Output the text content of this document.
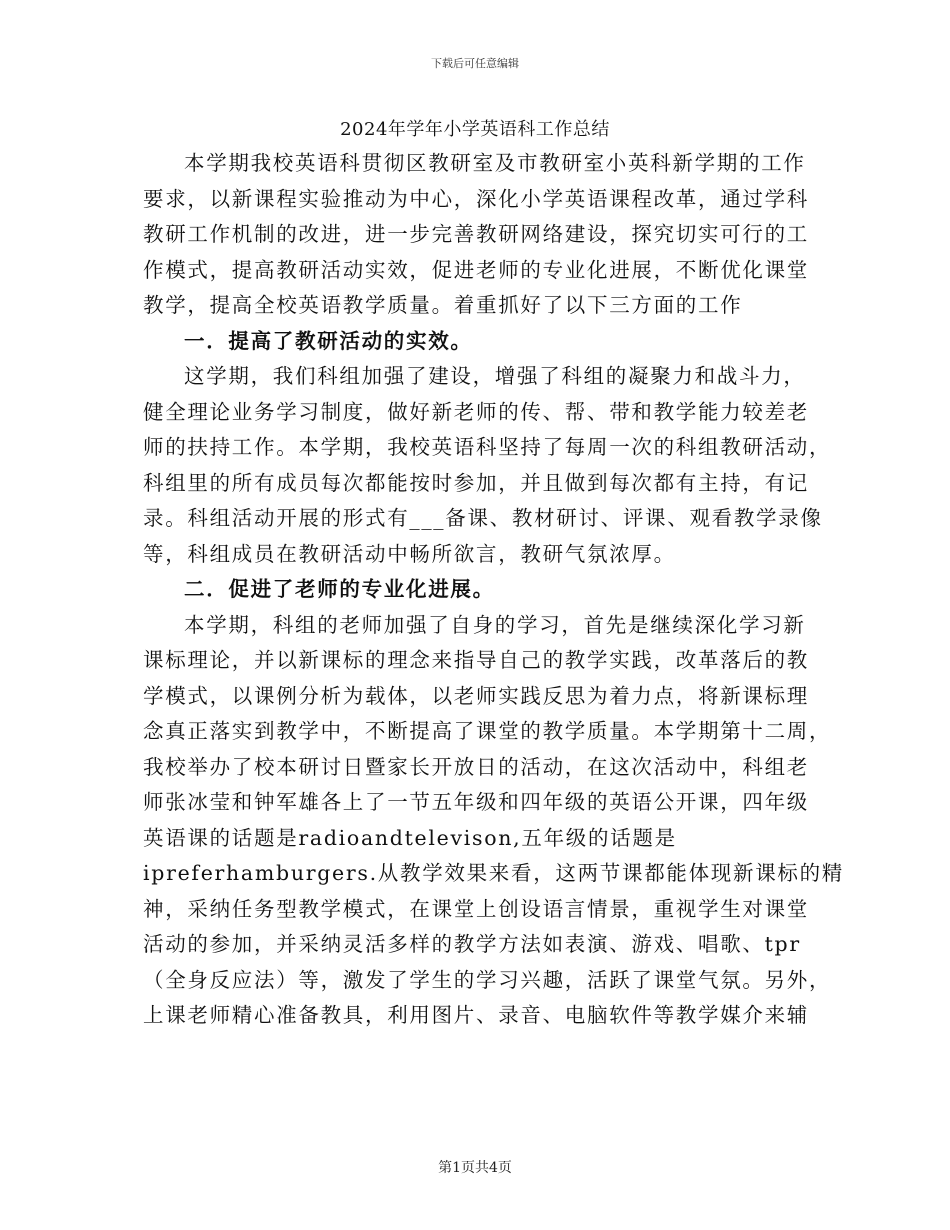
下载后可任意编辑
2024年学年小学英语科工作总结
本学期我校英语科贯彻区教研室及市教研室小英科新学期的工作
要求，以新课程实验推动为中心，深化小学英语课程改革，通过学科
教研工作机制的改进，进一步完善教研网络建设，探究切实可行的工
作模式，提高教研活动实效，促进老师的专业化进展，不断优化课堂
教学，提高全校英语教学质量。着重抓好了以下三方面的工作
一．提高了教研活动的实效。
这学期，我们科组加强了建设，增强了科组的凝聚力和战斗力，
健全理论业务学习制度，做好新老师的传、帮、带和教学能力较差老
师的扶持工作。本学期，我校英语科坚持了每周一次的科组教研活动，
科组里的所有成员每次都能按时参加，并且做到每次都有主持，有记
录。科组活动开展的形式有___备课、教材研讨、评课、观看教学录像
等，科组成员在教研活动中畅所欲言，教研气氛浓厚。
二．促进了老师的专业化进展。
本学期，科组的老师加强了自身的学习，首先是继续深化学习新
课标理论，并以新课标的理念来指导自己的教学实践，改革落后的教
学模式，以课例分析为载体，以老师实践反思为着力点，将新课标理
念真正落实到教学中，不断提高了课堂的教学质量。本学期第十二周，
我校举办了校本研讨日暨家长开放日的活动，在这次活动中，科组老
师张冰莹和钟军雄各上了一节五年级和四年级的英语公开课，四年级
英语课的话题是radioandtelevison,五年级的话题是
ipreferhamburgers.从教学效果来看，这两节课都能体现新课标的精
神，采纳任务型教学模式，在课堂上创设语言情景，重视学生对课堂
活动的参加，并采纳灵活多样的教学方法如表演、游戏、唱歌、tpr
（全身反应法）等，激发了学生的学习兴趣，活跃了课堂气氛。另外，
上课老师精心准备教具，利用图片、录音、电脑软件等教学媒介来辅
第1页共4页
